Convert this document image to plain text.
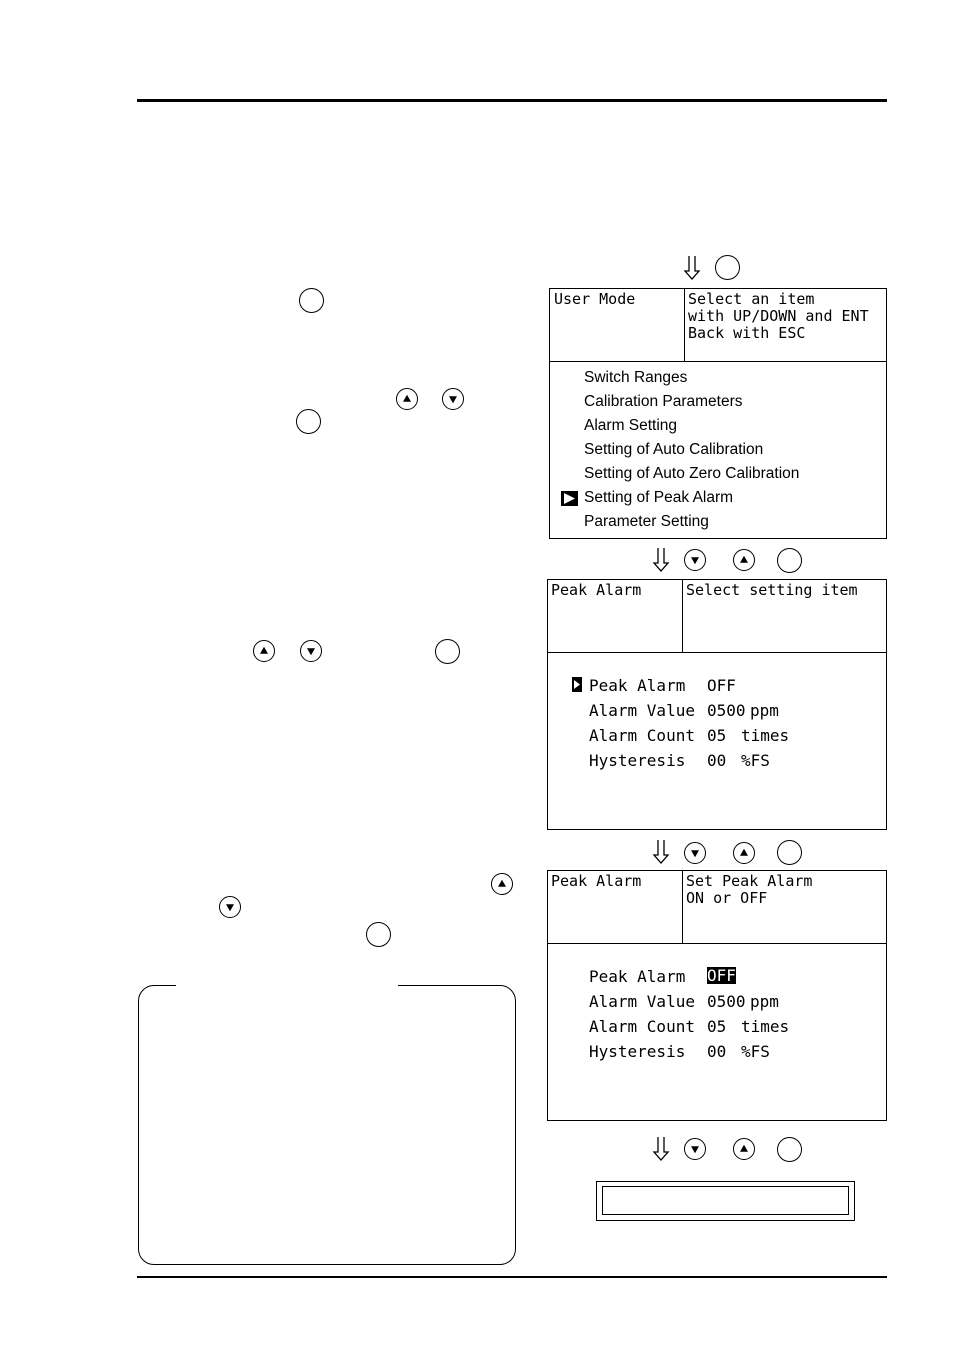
User Mode	Select an item
with UP/DOWN and ENT
Back with ESC
Switch Ranges
Calibration Parameters
Alarm Setting
Setting of Auto Calibration
Setting of Auto Zero Calibration
Setting of Peak Alarm
Parameter Setting
Peak Alarm	Select setting item
Peak Alarm OFF
Alarm Value 0500 ppm
Alarm Count 05 times
Hysteresis 00 %FS
Peak Alarm	Set Peak Alarm
ON or OFF
Peak Alarm OFF
Alarm Value 0500 ppm
Alarm Count 05 times
Hysteresis 00 %FS
